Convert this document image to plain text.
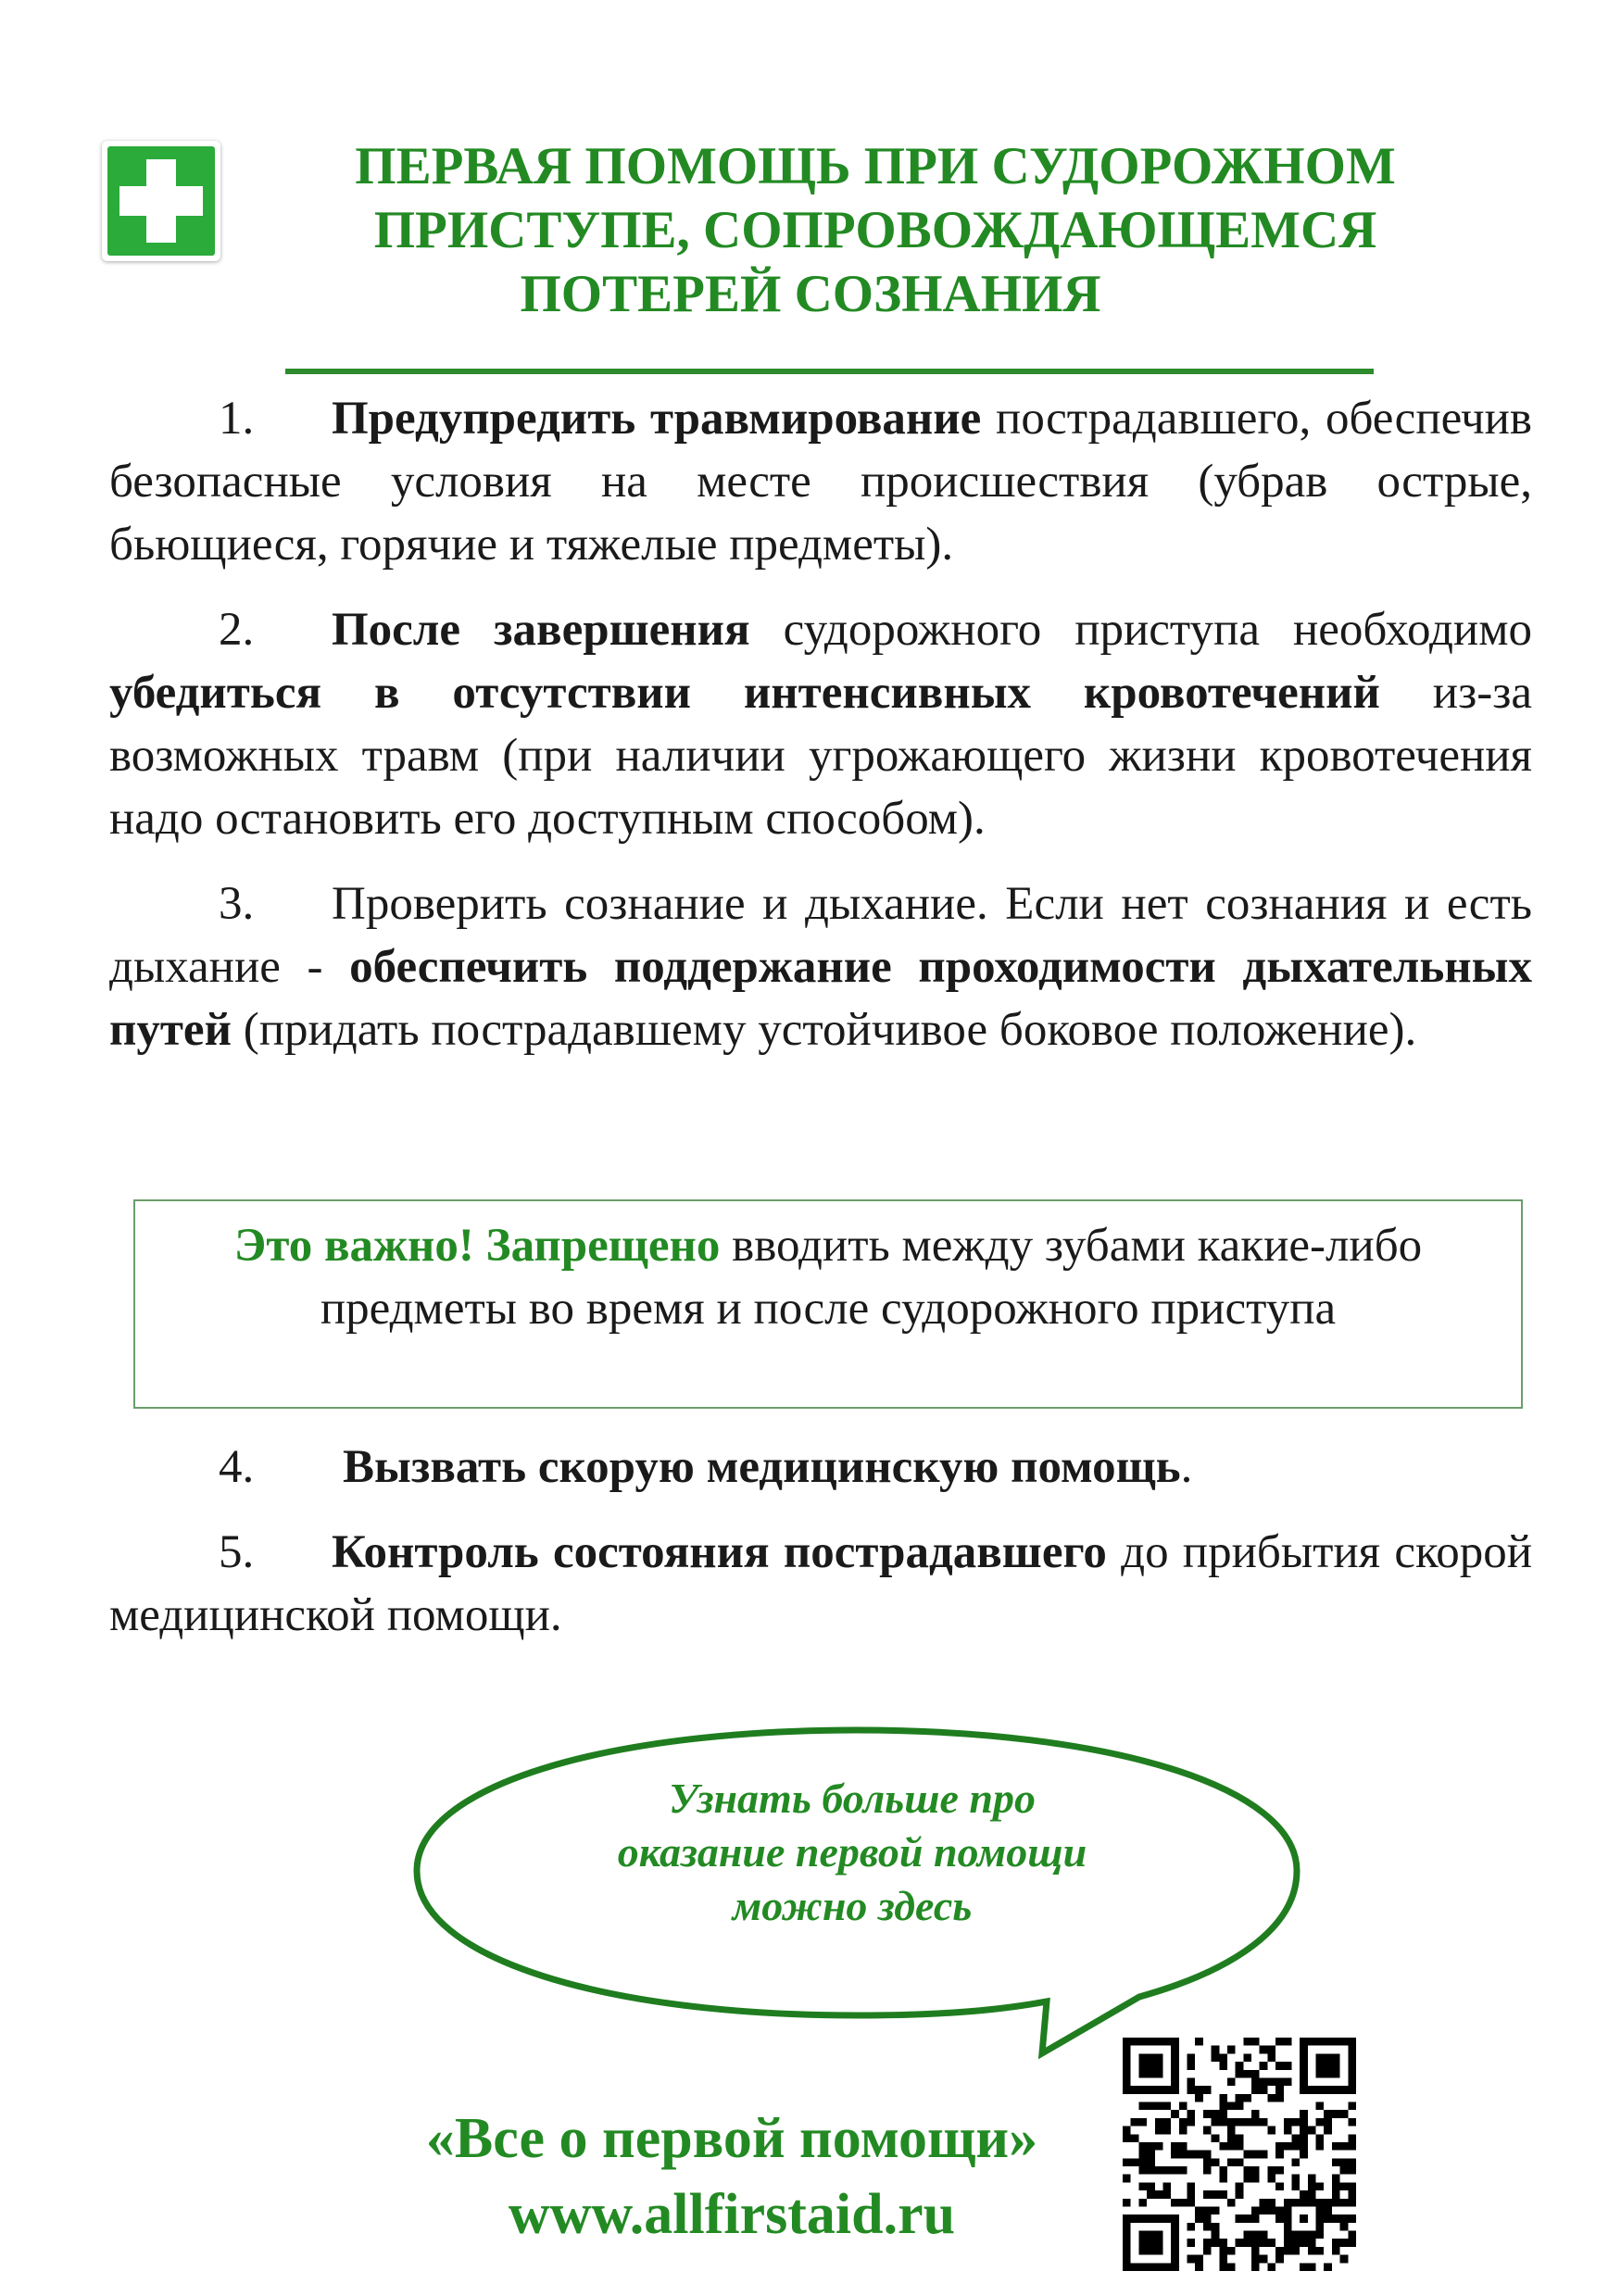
ПЕРВАЯ ПОМОЩЬ ПРИ СУДОРОЖНОМ
ПРИСТУПЕ, СОПРОВОЖДАЮЩЕМСЯ
ПОТЕРЕЙ СОЗНАНИЯ

1. Предупредить травмирование пострадавшего, обеспечив безопасные условия на месте происшествия (убрав острые, бьющиеся, горячие и тяжелые предметы).

2. После завершения судорожного приступа необходимо убедиться в отсутствии интенсивных кровотечений из-за возможных травм (при наличии угрожающего жизни кровотечения надо остановить его доступным способом).

3. Проверить сознание и дыхание. Если нет сознания и есть дыхание - обеспечить поддержание проходимости дыхательных путей (придать пострадавшему устойчивое боковое положение).

Это важно! Запрещено вводить между зубами какие-либо предметы во время и после судорожного приступа

4. Вызвать скорую медицинскую помощь.

5. Контроль состояния пострадавшего до прибытия скорой медицинской помощи.

Узнать больше про
оказание первой помощи
можно здесь
«Все о первой помощи»
www.allfirstaid.ru
